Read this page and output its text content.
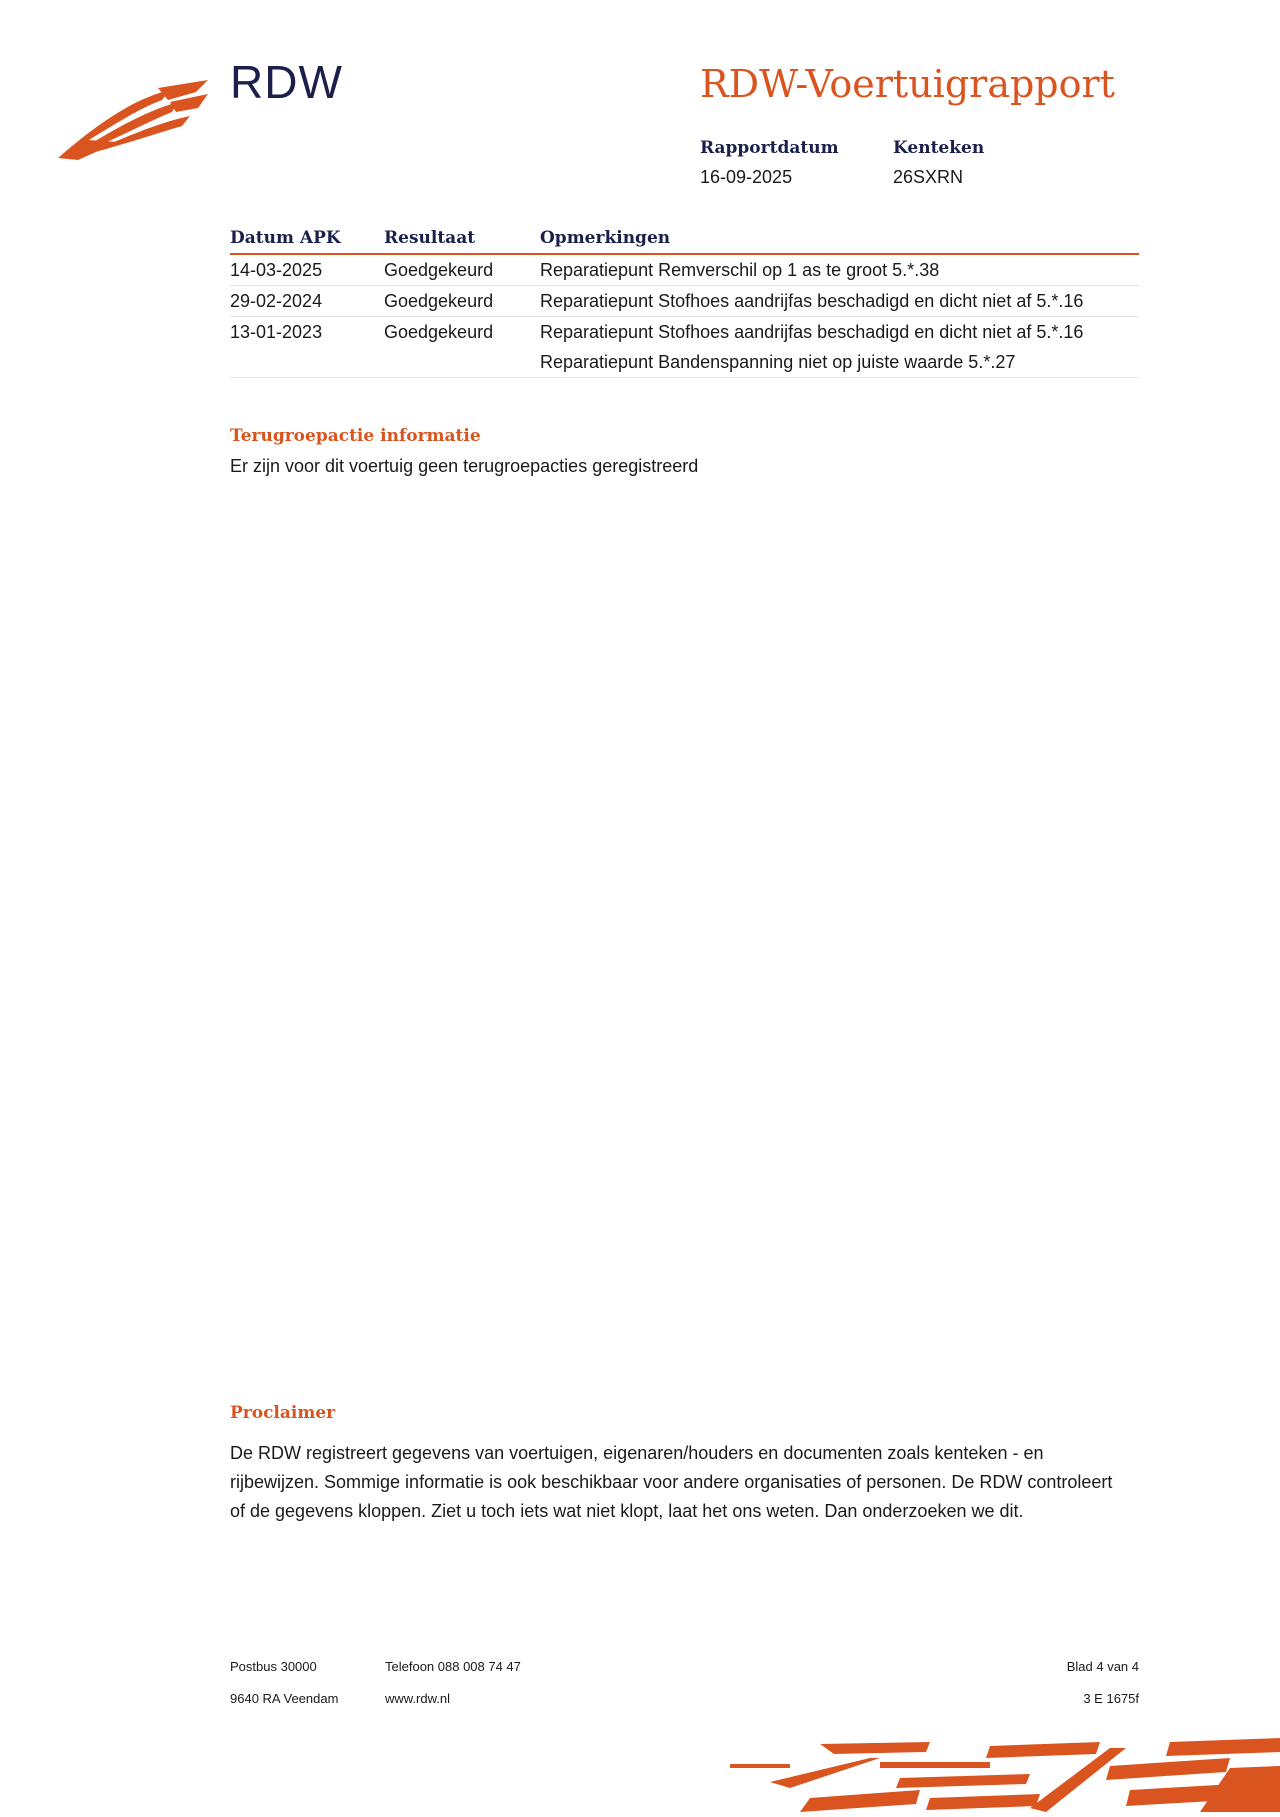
RDW	RDW-Voertuigrapport
Rapportdatum
16-09-2025
Kenteken
26SXRN
Datum APK	Resultaat	Opmerkingen
14-03-2025	Goedgekeurd	Reparatiepunt Remverschil op 1 as te groot 5.*.38
29-02-2024	Goedgekeurd	Reparatiepunt Stofhoes aandrijfas beschadigd en dicht niet af 5.*.16
13-01-2023	Goedgekeurd	Reparatiepunt Stofhoes aandrijfas beschadigd en dicht niet af 5.*.16
Reparatiepunt Bandenspanning niet op juiste waarde 5.*.27
Terugroepactie informatie
Er zijn voor dit voertuig geen terugroepacties geregistreerd
Proclaimer
De RDW registreert gegevens van voertuigen, eigenaren/houders en documenten zoals kenteken - en rijbewijzen. Sommige informatie is ook beschikbaar voor andere organisaties of personen. De RDW controleert of de gegevens kloppen. Ziet u toch iets wat niet klopt, laat het ons weten. Dan onderzoeken we dit.
Postbus 30000
9640 RA Veendam
Telefoon 088 008 74 47
www.rdw.nl
Blad 4 van 4
3 E 1675f
